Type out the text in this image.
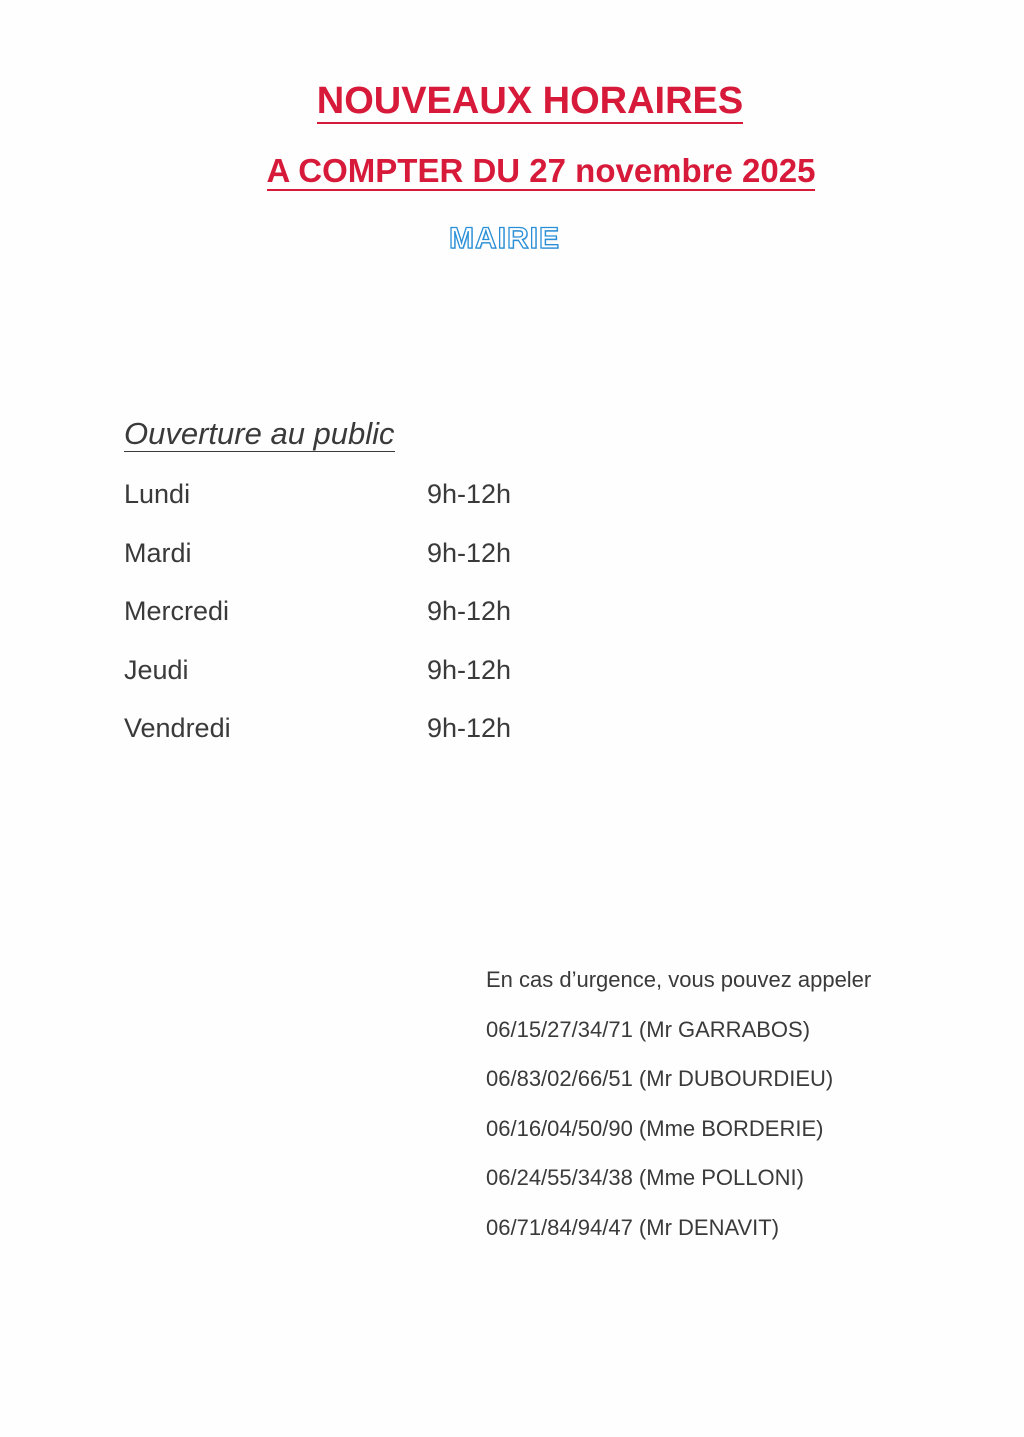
NOUVEAUX HORAIRES
A COMPTER DU 27 novembre 2025
MAIRIE
Ouverture au public
Lundi	9h-12h
Mardi	9h-12h
Mercredi	9h-12h
Jeudi	9h-12h
Vendredi	9h-12h
En cas d’urgence, vous pouvez appeler
06/15/27/34/71 (Mr GARRABOS)
06/83/02/66/51 (Mr DUBOURDIEU)
06/16/04/50/90 (Mme BORDERIE)
06/24/55/34/38 (Mme POLLONI)
06/71/84/94/47 (Mr DENAVIT)
